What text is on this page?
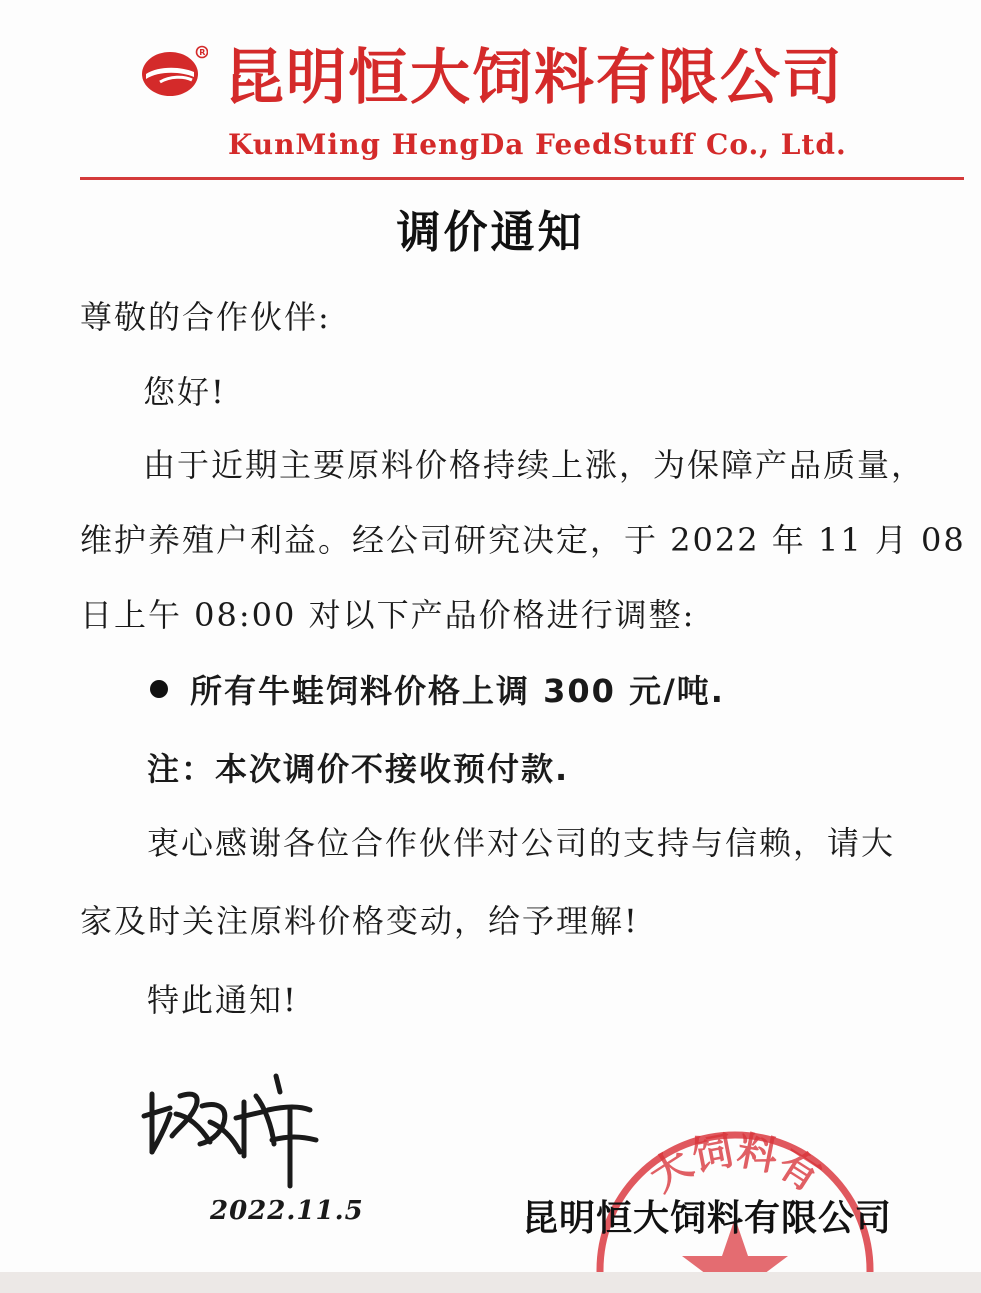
R 昆明恒大饲料有限公司
KunMing HengDa FeedStuff Co., Ltd.
调价通知
尊敬的合作伙伴:
您好!
由于近期主要原料价格持续上涨，为保障产品质量，
维护养殖户利益。经公司研究决定，于 2022 年 11 月 08
日上午 08:00 对以下产品价格进行调整:
所有牛蛙饲料价格上调 300 元/吨.
注：本次调价不接收预付款.
衷心感谢各位合作伙伴对公司的支持与信赖，请大
家及时关注原料价格变动，给予理解!
特此通知!
2022.11.5
大饲料有
昆明恒大饲料有限公司
